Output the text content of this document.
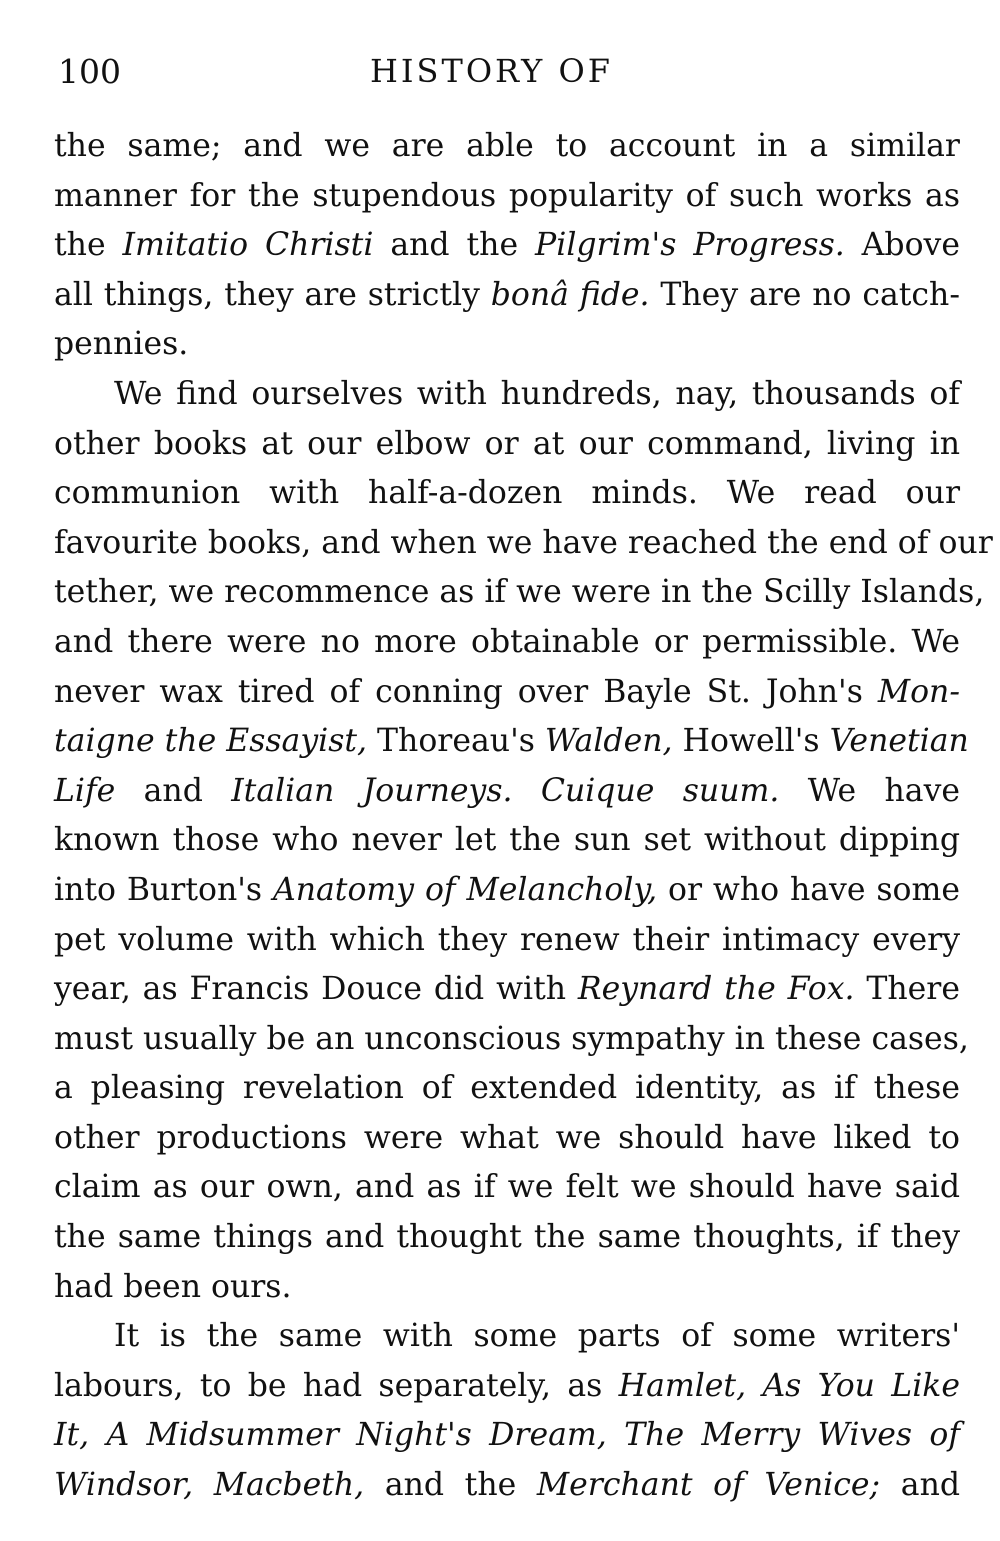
100	HISTORY OF
the same; and we are able to account in a similar
manner for the stupendous popularity of such works as
the Imitatio Christi and the Pilgrim's Progress. Above
all things, they are strictly bonâ fide. They are no catch-
pennies.
We find ourselves with hundreds, nay, thousands of
other books at our elbow or at our command, living in
communion with half-a-dozen minds. We read our
favourite books, and when we have reached the end of our
tether, we recommence as if we were in the Scilly Islands,
and there were no more obtainable or permissible. We
never wax tired of conning over Bayle St. John's Mon-
taigne the Essayist, Thoreau's Walden, Howell's Venetian
Life and Italian Journeys. Cuique suum. We have
known those who never let the sun set without dipping
into Burton's Anatomy of Melancholy, or who have some
pet volume with which they renew their intimacy every
year, as Francis Douce did with Reynard the Fox. There
must usually be an unconscious sympathy in these cases,
a pleasing revelation of extended identity, as if these
other productions were what we should have liked to
claim as our own, and as if we felt we should have said
the same things and thought the same thoughts, if they
had been ours.
It is the same with some parts of some writers'
labours, to be had separately, as Hamlet, As You Like
It, A Midsummer Night's Dream, The Merry Wives of
Windsor, Macbeth, and the Merchant of Venice; and
